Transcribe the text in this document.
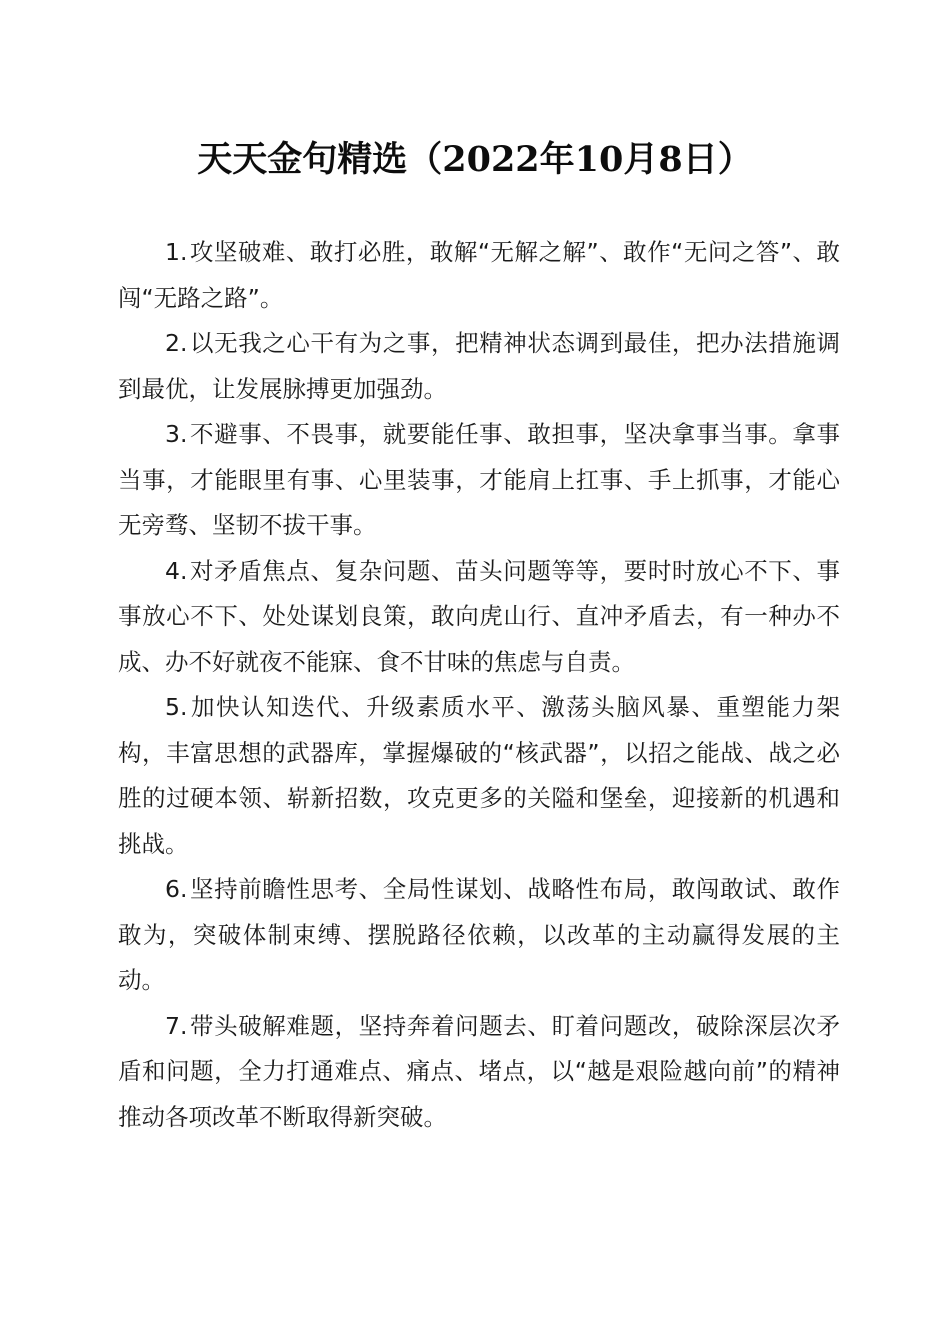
天天金句精选（2022年10月8日）

1.攻坚破难、敢打必胜，敢解“无解之解”、敢作“无问之答”、敢闯“无路之路”。

2.以无我之心干有为之事，把精神状态调到最佳，把办法措施调到最优，让发展脉搏更加强劲。

3.不避事、不畏事，就要能任事、敢担事，坚决拿事当事。拿事当事，才能眼里有事、心里装事，才能肩上扛事、手上抓事，才能心无旁骛、坚韧不拔干事。

4.对矛盾焦点、复杂问题、苗头问题等等，要时时放心不下、事事放心不下、处处谋划良策，敢向虎山行、直冲矛盾去，有一种办不成、办不好就夜不能寐、食不甘味的焦虑与自责。

5.加快认知迭代、升级素质水平、激荡头脑风暴、重塑能力架构，丰富思想的武器库，掌握爆破的“核武器”，以招之能战、战之必胜的过硬本领、崭新招数，攻克更多的关隘和堡垒，迎接新的机遇和挑战。

6.坚持前瞻性思考、全局性谋划、战略性布局，敢闯敢试、敢作敢为，突破体制束缚、摆脱路径依赖，以改革的主动赢得发展的主动。

7.带头破解难题，坚持奔着问题去、盯着问题改，破除深层次矛盾和问题，全力打通难点、痛点、堵点，以“越是艰险越向前”的精神推动各项改革不断取得新突破。
